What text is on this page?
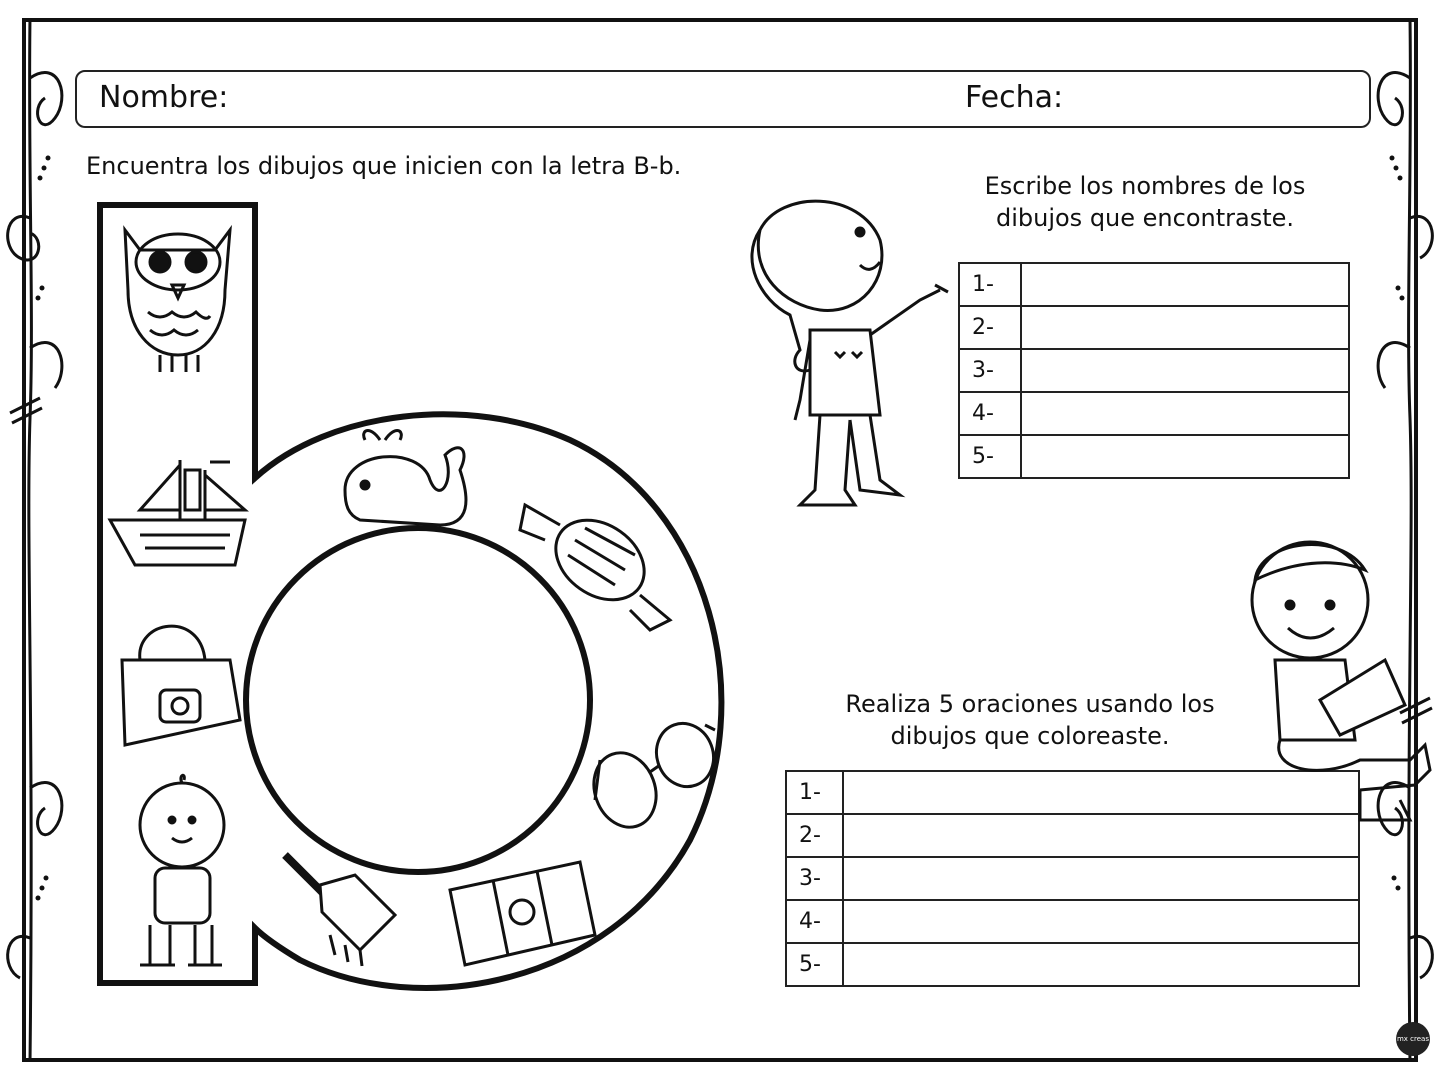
Nombre:	Fecha:
Encuentra los dibujos que inicien con la letra B-b.
Escribe los nombres de los
dibujos que encontraste.
Realiza 5 oraciones usando los
dibujos que coloreaste.
1-	
2-	
3-	
4-	
5-	
1-	
2-	
3-	
4-	
5-	
mx creas
